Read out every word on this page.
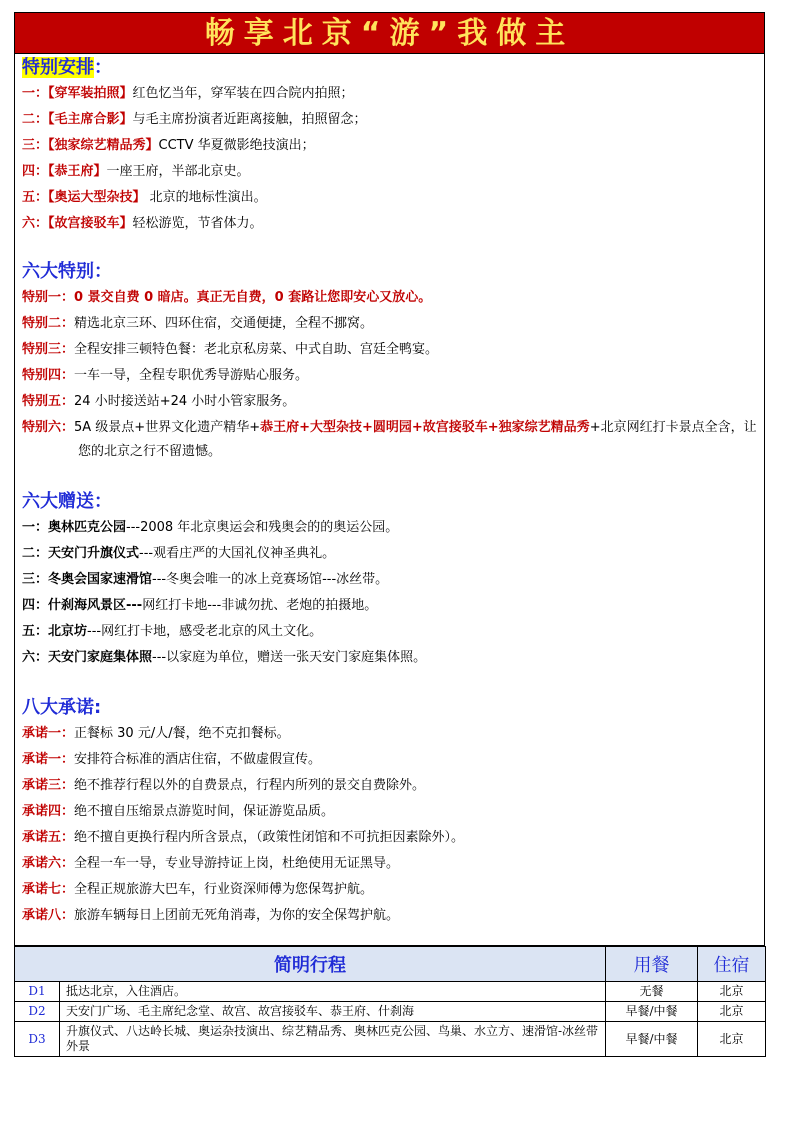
畅享北京“游”我做主
特别安排：
一：【穿军装拍照】红色忆当年，穿军装在四合院内拍照；
二：【毛主席合影】与毛主席扮演者近距离接触，拍照留念；
三：【独家综艺精品秀】CCTV 华夏微影绝技演出；
四：【恭王府】一座王府，半部北京史。
五：【奥运大型杂技】 北京的地标性演出。
六：【故宫接驳车】轻松游览，节省体力。
六大特别：
特别一：0 景交自费 0 暗店。真正无自费，0 套路让您即安心又放心。
特别二：精选北京三环、四环住宿，交通便捷，全程不挪窝。
特别三：全程安排三顿特色餐：老北京私房菜、中式自助、宫廷全鸭宴。
特别四：一车一导，全程专职优秀导游贴心服务。
特别五：24 小时接送站+24 小时小管家服务。
特别六：5A 级景点+世界文化遗产精华+恭王府+大型杂技+圆明园+故宫接驳车+独家综艺精品秀+北京网红打卡景点全含，让您的北京之行不留遗憾。
六大赠送：
一：奥林匹克公园---2008 年北京奥运会和残奥会的的奥运公园。
二：天安门升旗仪式---观看庄严的大国礼仪神圣典礼。
三：冬奥会国家速滑馆---冬奥会唯一的冰上竞赛场馆---冰丝带。
四：什刹海风景区---网红打卡地---非诚勿扰、老炮的拍摄地。
五：北京坊---网红打卡地，感受老北京的风土文化。
六：天安门家庭集体照---以家庭为单位，赠送一张天安门家庭集体照。
八大承诺:
承诺一：正餐标 30 元/人/餐，绝不克扣餐标。
承诺一：安排符合标准的酒店住宿，不做虚假宣传。
承诺三：绝不推荐行程以外的自费景点，行程内所列的景交自费除外。
承诺四：绝不擅自压缩景点游览时间，保证游览品质。
承诺五：绝不擅自更换行程内所含景点，（政策性闭馆和不可抗拒因素除外）。
承诺六：全程一车一导，专业导游持证上岗，杜绝使用无证黑导。
承诺七：全程正规旅游大巴车，行业资深师傅为您保驾护航。
承诺八：旅游车辆每日上团前无死角消毒，为你的安全保驾护航。
简明行程		用餐	住宿
D1	抵达北京，入住酒店。	无餐	北京
D2	天安门广场、毛主席纪念堂、故宫、故宫接驳车、恭王府、什刹海	早餐/中餐	北京
D3	升旗仪式、八达岭长城、奥运杂技演出、综艺精品秀、奥林匹克公园、鸟巢、水立方、速滑馆-冰丝带外景	早餐/中餐	北京
